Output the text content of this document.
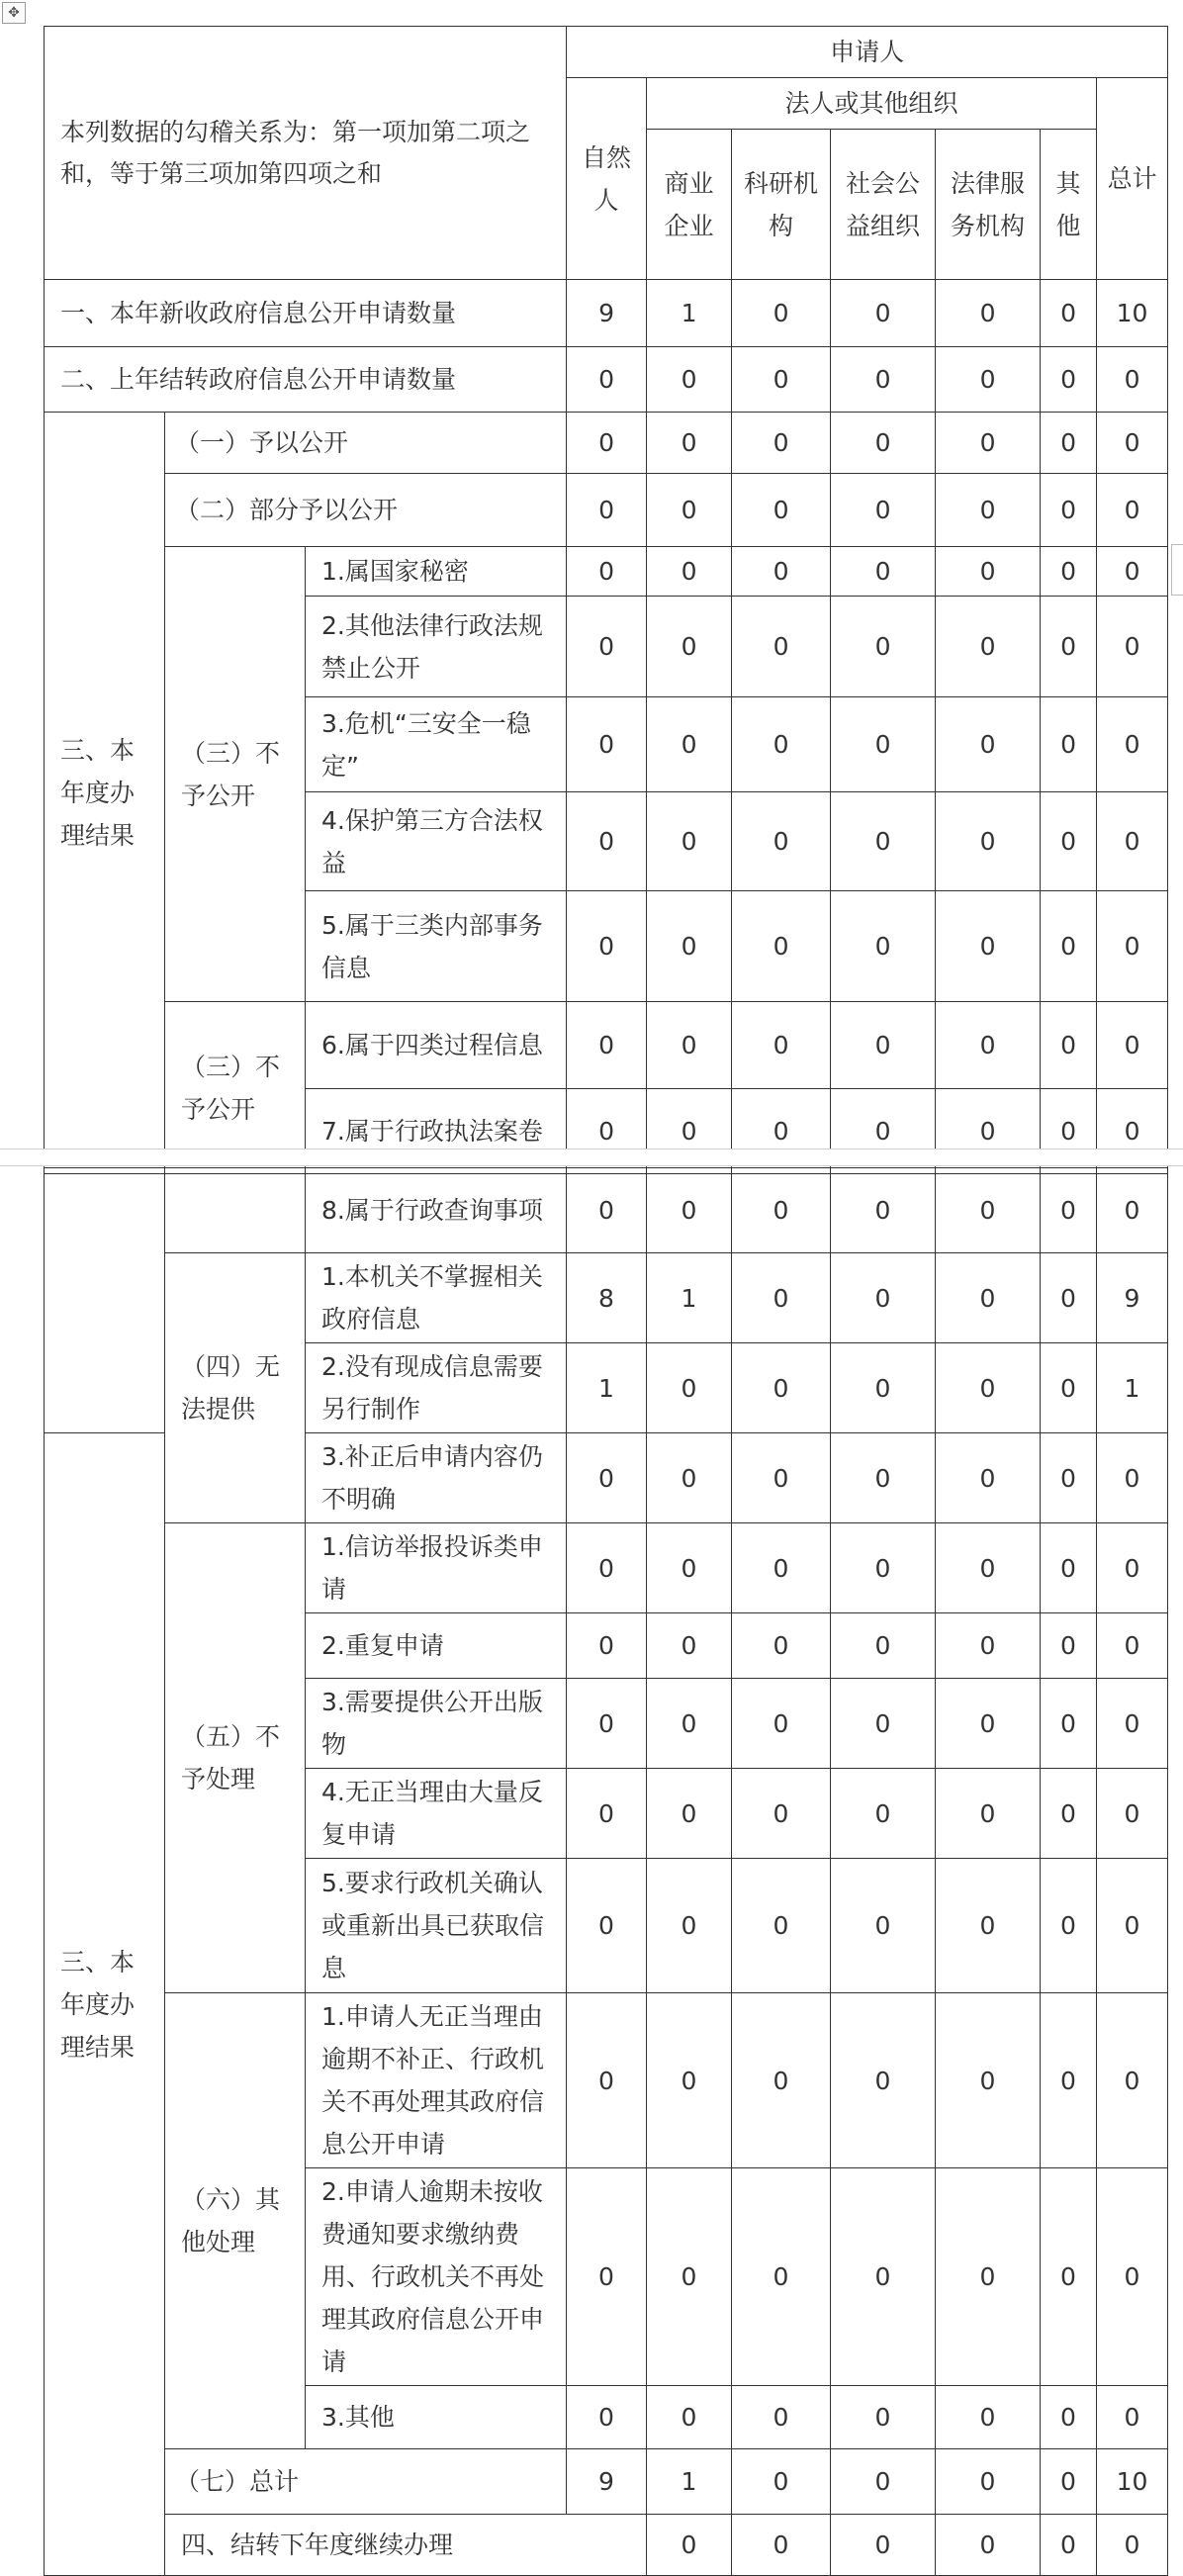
✥
本列数据的勾稽关系为：第一项加第二项之和，等于第三项加第四项之和			申请人						
			自然人	法人或其他组织					总计
				商业企业	科研机构	社会公益组织	法律服务机构	其他	
一、本年新收政府信息公开申请数量			9	1	0	0	0	0	10
二、上年结转政府信息公开申请数量			0	0	0	0	0	0	0
三、本年度办理结果	（一）予以公开		0	0	0	0	0	0	0
	（二）部分予以公开		0	0	0	0	0	0	0
	（三）不予公开	1.属国家秘密	0	0	0	0	0	0	0
		2.其他法律行政法规禁止公开	0	0	0	0	0	0	0
		3.危机“三安全一稳定”	0	0	0	0	0	0	0
		4.保护第三方合法权益	0	0	0	0	0	0	0
		5.属于三类内部事务信息	0	0	0	0	0	0	0
	（三）不予公开	6.属于四类过程信息	0	0	0	0	0	0	0
		7.属于行政执法案卷	0	0	0	0	0	0	0
		8.属于行政查询事项	0	0	0	0	0	0	0	
	（四）无法提供	1.本机关不掌握相关政府信息	8	1	0	0	0	0	9	
		2.没有现成信息需要另行制作	1	0	0	0	0	0	1	
三、本年度办理结果		3.补正后申请内容仍不明确	0	0	0	0	0	0	0	
	（五）不予处理	1.信访举报投诉类申请	0	0	0	0	0	0	0	
		2.重复申请	0	0	0	0	0	0	0	
		3.需要提供公开出版物	0	0	0	0	0	0	0	
		4.无正当理由大量反复申请	0	0	0	0	0	0	0	
		5.要求行政机关确认或重新出具已获取信息	0	0	0	0	0	0	0	
	（六）其他处理	1.申请人无正当理由逾期不补正、行政机关不再处理其政府信息公开申请	0	0	0	0	0	0	0	
		2.申请人逾期未按收费通知要求缴纳费用、行政机关不再处理其政府信息公开申请	0	0	0	0	0	0	0	
		3.其他	0	0	0	0	0	0	0	
	（七）总计		9	1	0	0	0	0	10	
	四、结转下年度继续办理			0	0	0	0	0	0	
